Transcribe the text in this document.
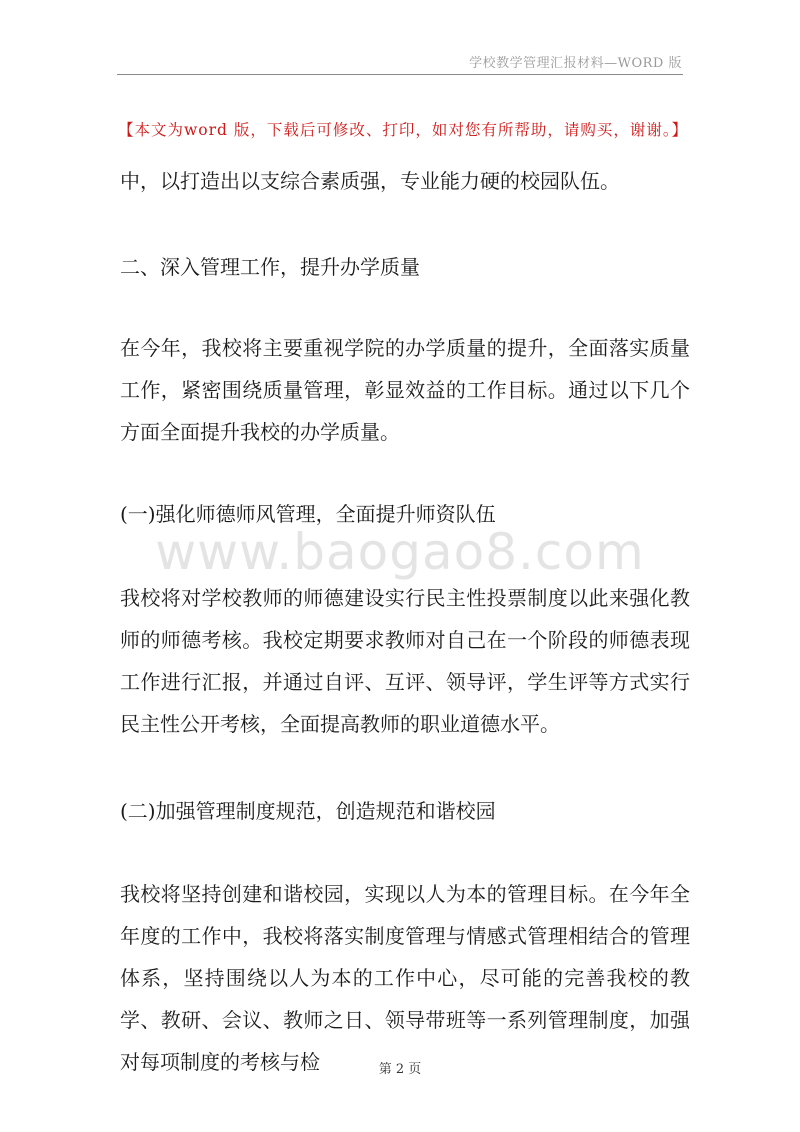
学校教学管理汇报材料—WORD 版
【本文为word 版，下载后可修改、打印，如对您有所帮助，请购买，谢谢。】

中，以打造出以支综合素质强，专业能力硬的校园队伍。

二、深入管理工作，提升办学质量

在今年，我校将主要重视学院的办学质量的提升，全面落实质量工作，紧密围绕质量管理，彰显效益的工作目标。通过以下几个方面全面提升我校的办学质量。

(一)强化师德师风管理，全面提升师资队伍

我校将对学校教师的师德建设实行民主性投票制度以此来强化教师的师德考核。我校定期要求教师对自己在一个阶段的师德表现工作进行汇报，并通过自评、互评、领导评，学生评等方式实行民主性公开考核，全面提高教师的职业道德水平。

(二)加强管理制度规范，创造规范和谐校园

我校将坚持创建和谐校园，实现以人为本的管理目标。在今年全年度的工作中，我校将落实制度管理与情感式管理相结合的管理体系，坚持围绕以人为本的工作中心，尽可能的完善我校的教学、教研、会议、教师之日、领导带班等一系列管理制度，加强对每项制度的考核与检

www.baogao8.com
第 2 页
